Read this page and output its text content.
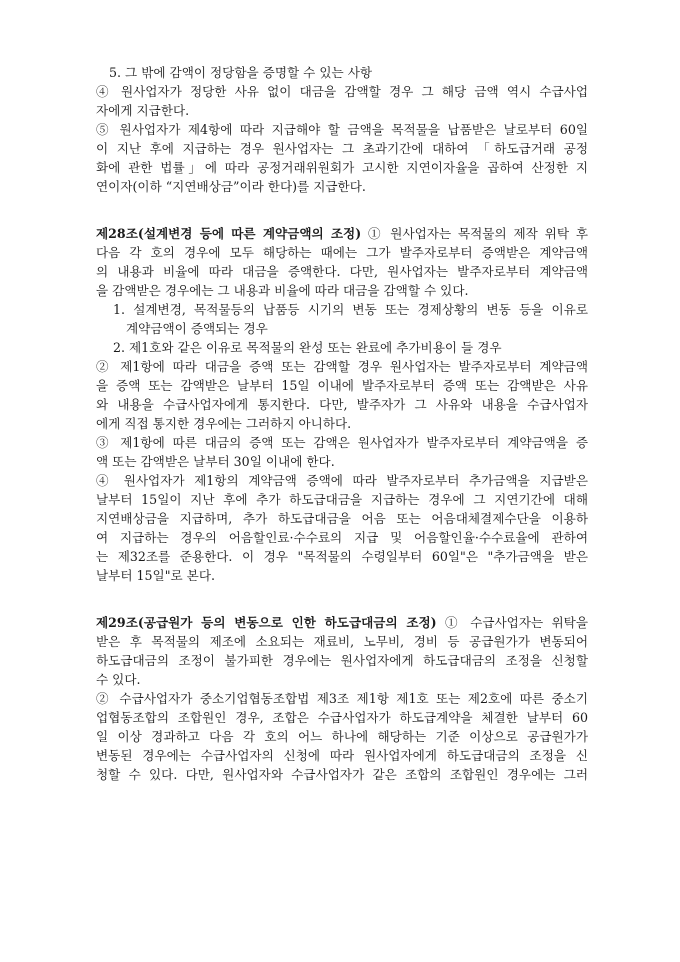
5. 그 밖에 감액이 정당함을 증명할 수 있는 사항
④ 원사업자가 정당한 사유 없이 대금을 감액할 경우 그 해당 금액 역시 수급사업
자에게 지급한다.
⑤ 원사업자가 제4항에 따라 지급해야 할 금액을 목적물을 납품받은 날로부터 60일
이 지난 후에 지급하는 경우 원사업자는 그 초과기간에 대하여 「하도급거래 공정
화에 관한 법률」에 따라 공정거래위원회가 고시한 지연이자율을 곱하여 산정한 지
연이자(이하 “지연배상금”이라 한다)를 지급한다.
제28조(설계변경 등에 따른 계약금액의 조정) ① 원사업자는 목적물의 제작 위탁 후
다음 각 호의 경우에 모두 해당하는 때에는 그가 발주자로부터 증액받은 계약금액
의 내용과 비율에 따라 대금을 증액한다. 다만, 원사업자는 발주자로부터 계약금액
을 감액받은 경우에는 그 내용과 비율에 따라 대금을 감액할 수 있다.
1. 설계변경, 목적물등의 납품등 시기의 변동 또는 경제상황의 변동 등을 이유로
계약금액이 증액되는 경우
2. 제1호와 같은 이유로 목적물의 완성 또는 완료에 추가비용이 들 경우
② 제1항에 따라 대금을 증액 또는 감액할 경우 원사업자는 발주자로부터 계약금액
을 증액 또는 감액받은 날부터 15일 이내에 발주자로부터 증액 또는 감액받은 사유
와 내용을 수급사업자에게 통지한다. 다만, 발주자가 그 사유와 내용을 수급사업자
에게 직접 통지한 경우에는 그러하지 아니하다.
③ 제1항에 따른 대금의 증액 또는 감액은 원사업자가 발주자로부터 계약금액을 증
액 또는 감액받은 날부터 30일 이내에 한다.
④ 원사업자가 제1항의 계약금액 증액에 따라 발주자로부터 추가금액을 지급받은
날부터 15일이 지난 후에 추가 하도급대금을 지급하는 경우에 그 지연기간에 대해
지연배상금을 지급하며, 추가 하도급대금을 어음 또는 어음대체결제수단을 이용하
여 지급하는 경우의 어음할인료·수수료의 지급 및 어음할인율·수수료율에 관하여
는 제32조를 준용한다. 이 경우 "목적물의 수령일부터 60일"은 "추가금액을 받은
날부터 15일"로 본다.
제29조(공급원가 등의 변동으로 인한 하도급대금의 조정) ① 수급사업자는 위탁을
받은 후 목적물의 제조에 소요되는 재료비, 노무비, 경비 등 공급원가가 변동되어
하도급대금의 조정이 불가피한 경우에는 원사업자에게 하도급대금의 조정을 신청할
수 있다.
② 수급사업자가 중소기업협동조합법 제3조 제1항 제1호 또는 제2호에 따른 중소기
업협동조합의 조합원인 경우, 조합은 수급사업자가 하도급계약을 체결한 날부터 60
일 이상 경과하고 다음 각 호의 어느 하나에 해당하는 기준 이상으로 공급원가가
변동된 경우에는 수급사업자의 신청에 따라 원사업자에게 하도급대금의 조정을 신
청할 수 있다. 다만, 원사업자와 수급사업자가 같은 조합의 조합원인 경우에는 그러
